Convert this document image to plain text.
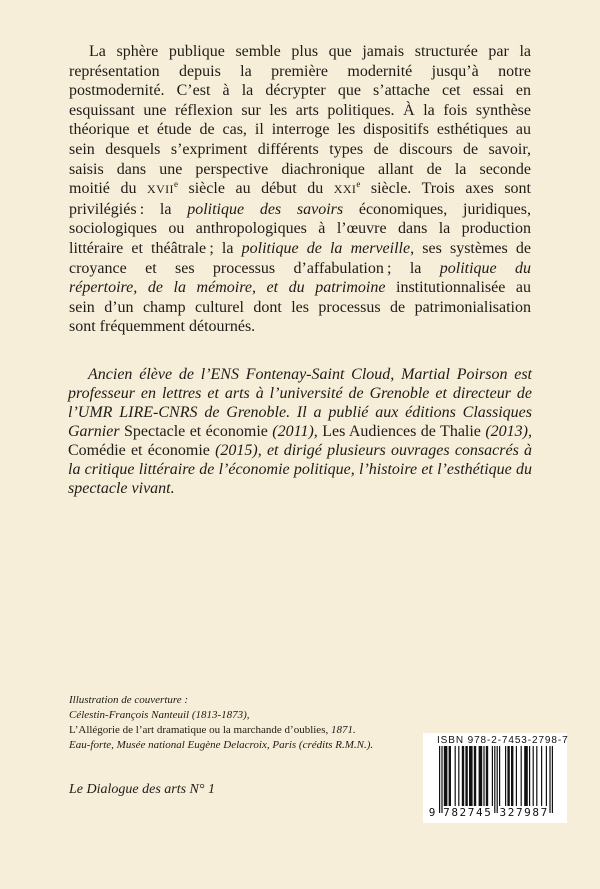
La sphère publique semble plus que jamais structurée par la
représentation depuis la première modernité jusqu’à notre
postmodernité. C’est à la décrypter que s’attache cet essai en
esquissant une réflexion sur les arts politiques. À la fois synthèse
théorique et étude de cas, il interroge les dispositifs esthétiques au
sein desquels s’expriment différents types de discours de savoir,
saisis dans une perspective diachronique allant de la seconde
moitié du XVIIe siècle au début du XXIe siècle. Trois axes sont
privilégiés : la politique des savoirs économiques, juridiques,
sociologiques ou anthropologiques à l’œuvre dans la production
littéraire et théâtrale ; la politique de la merveille, ses systèmes de
croyance et ses processus d’affabulation ; la politique du
répertoire, de la mémoire, et du patrimoine institutionnalisée au
sein d’un champ culturel dont les processus de patrimonialisation
sont fréquemment détournés.
Ancien élève de l’ENS Fontenay-Saint Cloud, Martial Poirson est
professeur en lettres et arts à l’université de Grenoble et directeur de
l’UMR LIRE-CNRS de Grenoble. Il a publié aux éditions Classiques
Garnier Spectacle et économie (2011), Les Audiences de Thalie (2013),
Comédie et économie (2015), et dirigé plusieurs ouvrages consacrés à
la critique littéraire de l’économie politique, l’histoire et l’esthétique du
spectacle vivant.
Illustration de couverture :
Célestin-François Nanteuil (1813-1873),
L’Allégorie de l’art dramatique ou la marchande d’oublies, 1871.
Eau-forte, Musée national Eugène Delacroix, Paris (crédits R.M.N.).
Le Dialogue des arts N° 1
ISBN 978-2-7453-2798-7
9 782745 327987
